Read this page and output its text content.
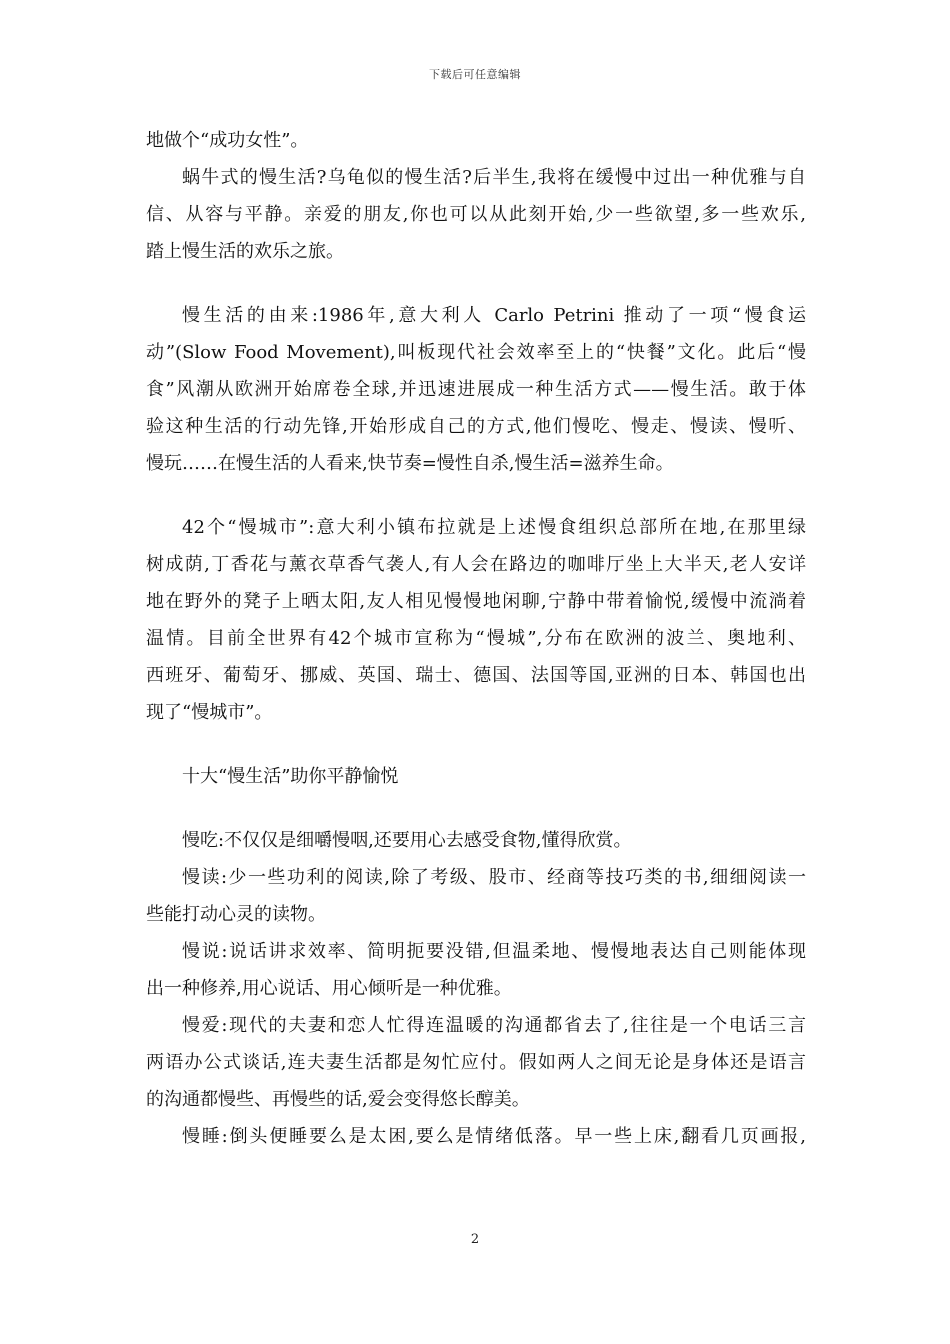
下载后可任意编辑
地做个“成功女性”。
蜗牛式的慢生活?乌龟似的慢生活?后半生,我将在缓慢中过出一种优雅与自
信、从容与平静。亲爱的朋友,你也可以从此刻开始,少一些欲望,多一些欢乐,
踏上慢生活的欢乐之旅。
慢生活的由来:1986年,意大利人 Carlo Petrini 推动了一项“慢食运
动”(Slow Food Movement),叫板现代社会效率至上的“快餐”文化。此后“慢
食”风潮从欧洲开始席卷全球,并迅速进展成一种生活方式——慢生活。敢于体
验这种生活的行动先锋,开始形成自己的方式,他们慢吃、慢走、慢读、慢听、
慢玩……在慢生活的人看来,快节奏=慢性自杀,慢生活=滋养生命。
42个“慢城市”:意大利小镇布拉就是上述慢食组织总部所在地,在那里绿
树成荫,丁香花与薰衣草香气袭人,有人会在路边的咖啡厅坐上大半天,老人安详
地在野外的凳子上晒太阳,友人相见慢慢地闲聊,宁静中带着愉悦,缓慢中流淌着
温情。目前全世界有42个城市宣称为“慢城”,分布在欧洲的波兰、奥地利、
西班牙、葡萄牙、挪威、英国、瑞士、德国、法国等国,亚洲的日本、韩国也出
现了“慢城市”。
十大“慢生活”助你平静愉悦
慢吃:不仅仅是细嚼慢咽,还要用心去感受食物,懂得欣赏。
慢读:少一些功利的阅读,除了考级、股市、经商等技巧类的书,细细阅读一
些能打动心灵的读物。
慢说:说话讲求效率、简明扼要没错,但温柔地、慢慢地表达自己则能体现
出一种修养,用心说话、用心倾听是一种优雅。
慢爱:现代的夫妻和恋人忙得连温暖的沟通都省去了,往往是一个电话三言
两语办公式谈话,连夫妻生活都是匆忙应付。假如两人之间无论是身体还是语言
的沟通都慢些、再慢些的话,爱会变得悠长醇美。
慢睡:倒头便睡要么是太困,要么是情绪低落。早一些上床,翻看几页画报,
2
